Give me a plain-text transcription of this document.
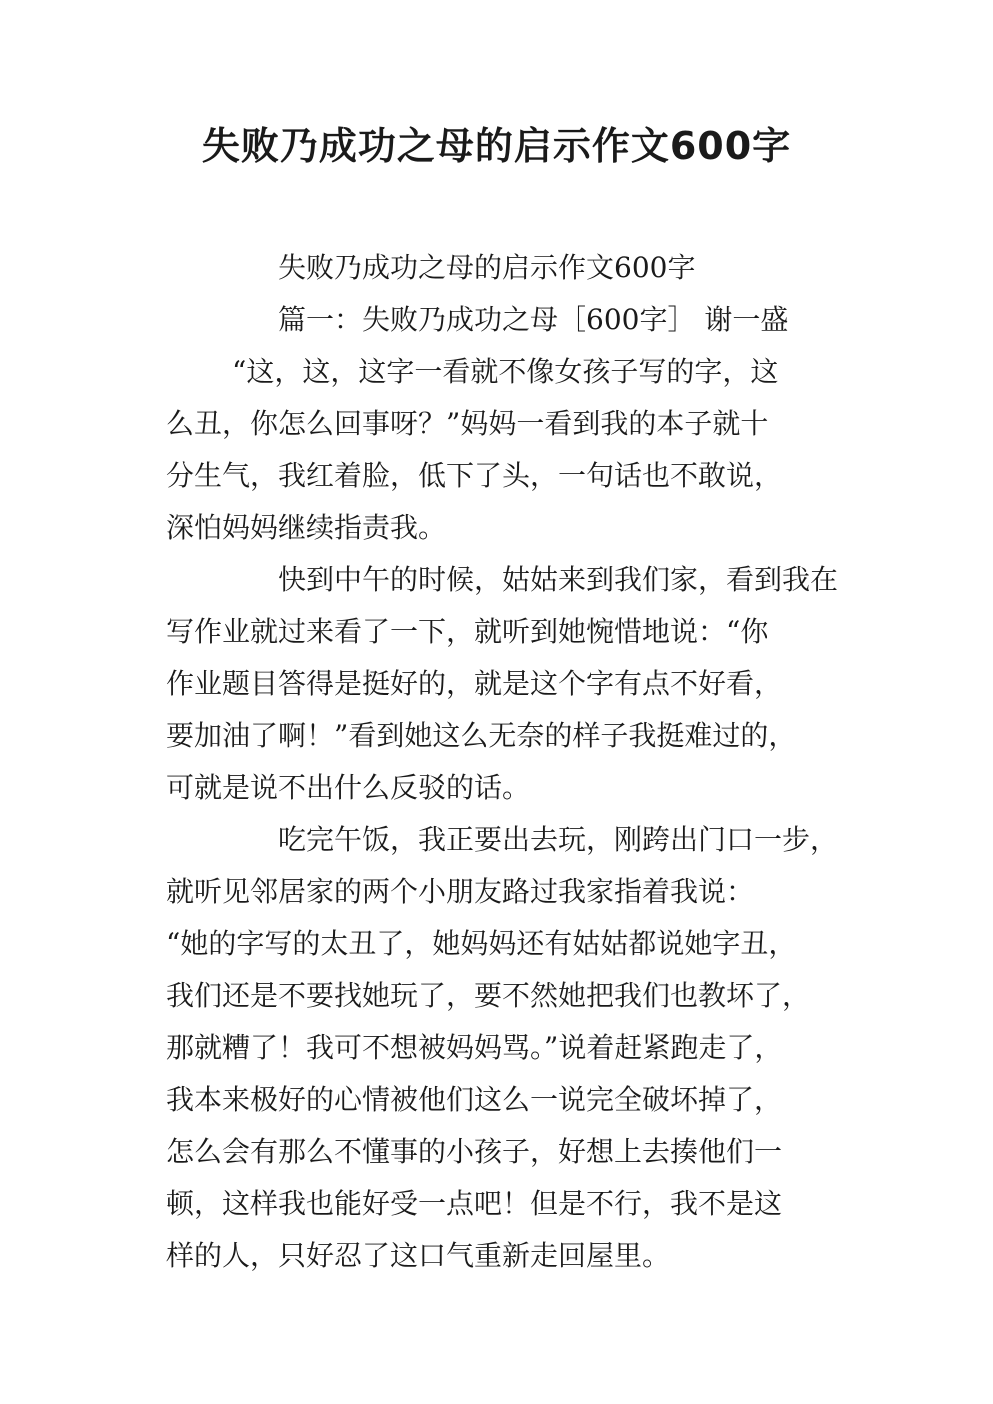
失败乃成功之母的启示作文600字
失败乃成功之母的启示作文600字
篇一：失败乃成功之母［600字］ 谢一盛
“这，这，这字一看就不像女孩子写的字，这
么丑，你怎么回事呀？”妈妈一看到我的本子就十
分生气，我红着脸，低下了头，一句话也不敢说，
深怕妈妈继续指责我。
快到中午的时候，姑姑来到我们家，看到我在
写作业就过来看了一下，就听到她惋惜地说：“你
作业题目答得是挺好的，就是这个字有点不好看，
要加油了啊！”看到她这么无奈的样子我挺难过的，
可就是说不出什么反驳的话。
吃完午饭，我正要出去玩，刚跨出门口一步，
就听见邻居家的两个小朋友路过我家指着我说：
“她的字写的太丑了，她妈妈还有姑姑都说她字丑，
我们还是不要找她玩了，要不然她把我们也教坏了，
那就糟了！我可不想被妈妈骂。”说着赶紧跑走了，
我本来极好的心情被他们这么一说完全破坏掉了，
怎么会有那么不懂事的小孩子，好想上去揍他们一
顿，这样我也能好受一点吧！但是不行，我不是这
样的人，只好忍了这口气重新走回屋里。
